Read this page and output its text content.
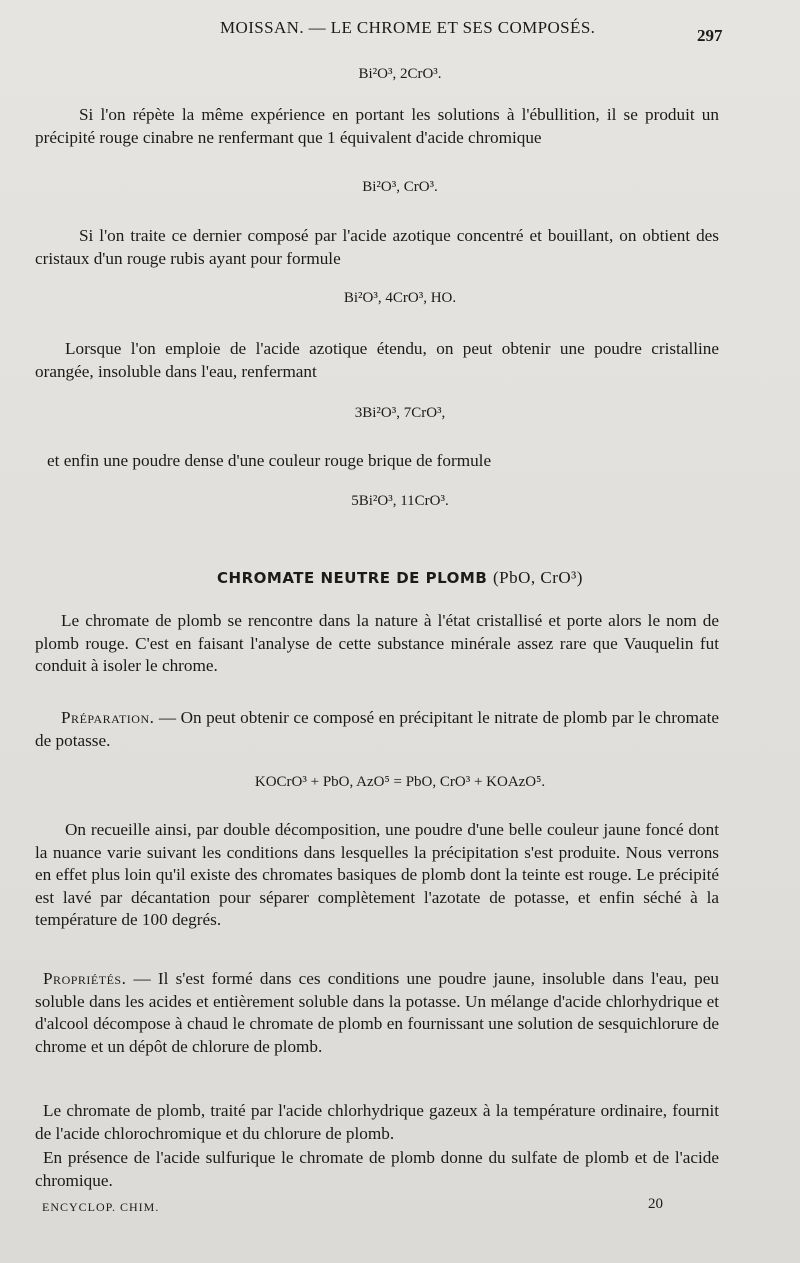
MOISSAN. — LE CHROME ET SES COMPOSÉS.	297

Bi²O³, 2CrO³.

Si l'on répète la même expérience en portant les solutions à l'ébullition, il se produit un précipité rouge cinabre ne renfermant que 1 équivalent d'acide chromique

Bi²O³, CrO³.

Si l'on traite ce dernier composé par l'acide azotique concentré et bouillant, on obtient des cristaux d'un rouge rubis ayant pour formule

Bi²O³, 4CrO³, HO.

Lorsque l'on emploie de l'acide azotique étendu, on peut obtenir une poudre cristalline orangée, insoluble dans l'eau, renfermant

3Bi²O³, 7CrO³,

et enfin une poudre dense d'une couleur rouge brique de formule

5Bi²O³, 11CrO³.

CHROMATE NEUTRE DE PLOMB (PbO, CrO³)

Le chromate de plomb se rencontre dans la nature à l'état cristallisé et porte alors le nom de plomb rouge. C'est en faisant l'analyse de cette substance minérale assez rare que Vauquelin fut conduit à isoler le chrome.

Préparation. — On peut obtenir ce composé en précipitant le nitrate de plomb par le chromate de potasse.

KOCrO³ + PbO, AzO⁵ = PbO, CrO³ + KOAzO⁵.

On recueille ainsi, par double décomposition, une poudre d'une belle couleur jaune foncé dont la nuance varie suivant les conditions dans lesquelles la précipitation s'est produite. Nous verrons en effet plus loin qu'il existe des chromates basiques de plomb dont la teinte est rouge. Le précipité est lavé par décantation pour séparer complètement l'azotate de potasse, et enfin séché à la température de 100 degrés.

Propriétés. — Il s'est formé dans ces conditions une poudre jaune, insoluble dans l'eau, peu soluble dans les acides et entièrement soluble dans la potasse. Un mélange d'acide chlorhydrique et d'alcool décompose à chaud le chromate de plomb en fournissant une solution de sesquichlorure de chrome et un dépôt de chlorure de plomb.

Le chromate de plomb, traité par l'acide chlorhydrique gazeux à la température ordinaire, fournit de l'acide chlorochromique et du chlorure de plomb.

En présence de l'acide sulfurique le chromate de plomb donne du sulfate de plomb et de l'acide chromique.

ENCYCLOP. CHIM.	20
